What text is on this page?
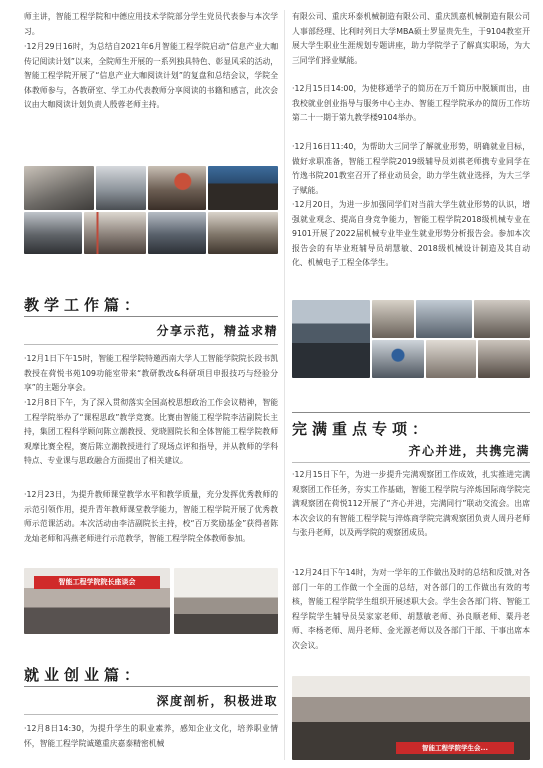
师主讲，智能工程学院和中德应用技术学院部分学生党员代表参与本次学习。

·12月29日16时，为总结自2021年6月智能工程学院启动“信息产业大咖传记阅读计划”以来，全院师生开展的一系列独具特色、彰显风采的活动，智能工程学院开展了“信息产业大咖阅读计划”的复盘和总结会议，学院全体教师参与，各教研室、学工办代表教师分享阅读的书籍和感言，此次会议由大咖阅读计划负责人殷蓉老师主持。

教学工作篇：
分享示范，精益求精

·12月1日下午15时，智能工程学院特邀西南大学人工智能学院院长段书凯教授在荷悦书苑109功能室带来“教研教改&科研项目申报技巧与经验分享”的主题分享会。

·12月8日下午，为了深入贯彻落实全国高校思想政治工作会议精神，智能工程学院举办了“课程思政”教学竞赛。比赛由智能工程学院李洁副院长主持，集团工程科学顾问陈立潮教授、党晓圆院长和全体智能工程学院教师观摩比赛全程，赛后陈立潮教授进行了现场点评和指导，并从教师的学科特点、专业课与思政融合方面提出了相关建议。

·12月23日，为提升教师课堂教学水平和教学质量，充分发挥优秀教师的示范引领作用，提升青年教师课堂教学能力，智能工程学院开展了优秀教师示范课活动。本次活动由李洁副院长主持，校“百万奖励基金”获得者陈龙灿老师和冯燕老师进行示范教学，智能工程学院全体教师参加。

智能工程学院院长座谈会
就业创业篇：
深度剖析，积极进取

·12月8日14:30，为提升学生的职业素养，感知企业文化，培养职业情怀，智能工程学院诚邀重庆嘉泰精密机械

有限公司、重庆环泰机械制造有限公司、重庆凯嘉机械制造有限公司人事部经理、比利时列日大学MBA硕士罗显贵先生，于9104教室开展大学生职业生涯规划专题讲座，助力学院学子了解真实职场，为大三同学们择业赋能。

·12月15日14:00，为使移通学子的简历在万千简历中脱颖而出，由我校就业创业指导与服务中心主办、智能工程学院承办的简历工作坊第二十一期于第九教学楼9104举办。

·12月16日11:40，为帮助大三同学了解就业形势，明确就业目标，做好求职准备，智能工程学院2019级辅导员刘祺老师携专业同学在竹逸书院201教室召开了择业动员会，助力学生就业选择，为大三学子赋能。

·12月20日，为进一步加强同学们对当前大学生就业形势的认识，增强就业观念、提高自身竞争能力，智能工程学院2018级机械专业在9101开展了2022届机械专业毕业生就业形势分析报告会。参加本次报告会的有毕业班辅导员胡慧敏、2018级机械设计制造及其自动化、机械电子工程全体学生。

完满重点专项：
齐心并进，共携完满

·12月15日下午，为进一步提升完满观察团工作成效，扎实推进完满观察团工作任务，夯实工作基础，智能工程学院与淬炼国际商学院完满观察团在荷悦112开展了“齐心并进，完满同行”联动交流会。出席本次会议的有智能工程学院与淬炼商学院完满观察团负责人周丹老师与张丹老师，以及两学院的观察团成员。

·12月24日下午14时，为对一学年的工作做出及时的总结和反馈,对各部门一年的工作做一个全面的总结，对各部门的工作做出有效的考核，智能工程学院学生组织开展述职大会。学生会各部门将、智能工程学院学生辅导员吴家家老师、胡慧敏老师、孙良顺老师、粟丹老师、李杨老师、周丹老师、金光源老师以及各部门干部、干事出席本次会议。

智能工程学院学生会...
